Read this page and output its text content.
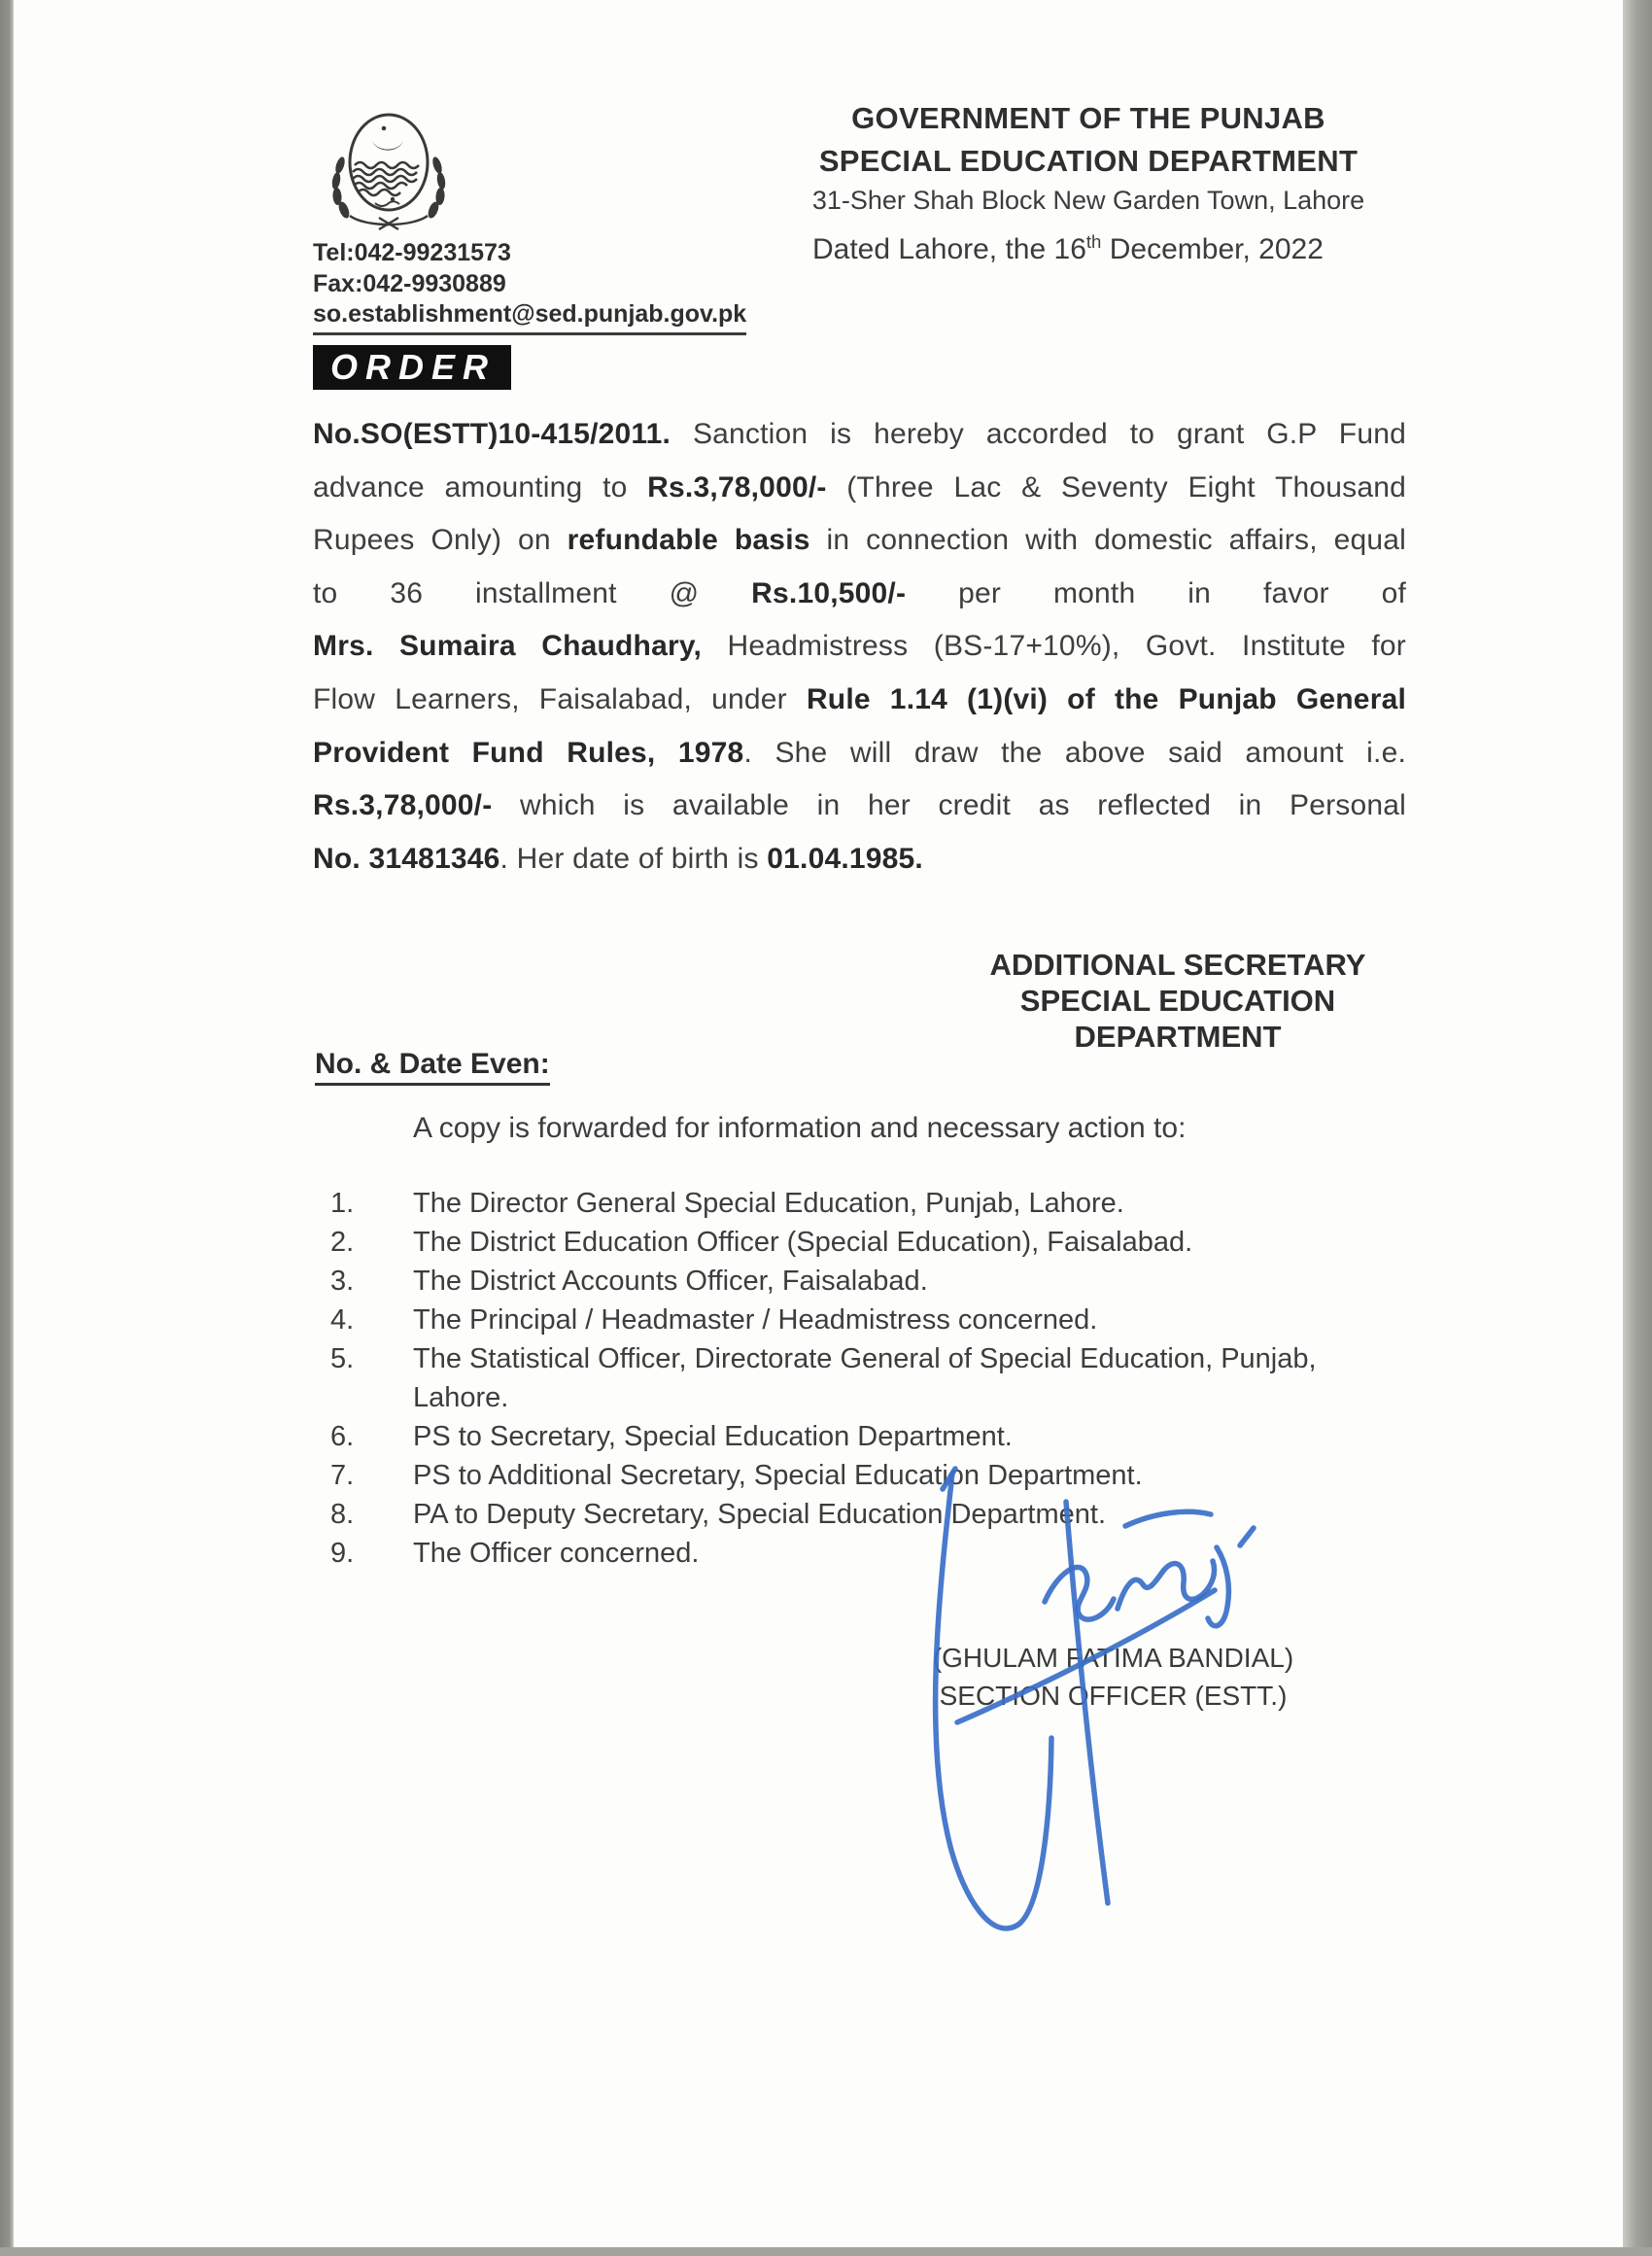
GOVERNMENT OF THE PUNJAB
SPECIAL EDUCATION DEPARTMENT
31-Sher Shah Block New Garden Town, Lahore
Dated Lahore, the 16th December, 2022
Tel:042-99231573
Fax:042-9930889
so.establishment@sed.punjab.gov.pk
ORDER
No.SO(ESTT)10-415/2011. Sanction is hereby accorded to grant G.P Fund
advance amounting to Rs.3,78,000/- (Three Lac & Seventy Eight Thousand
Rupees Only) on refundable basis in connection with domestic affairs, equal
to 36 installment @ Rs.10,500/- per month in favor of
Mrs. Sumaira Chaudhary, Headmistress (BS-17+10%), Govt. Institute for
Flow Learners, Faisalabad, under Rule 1.14 (1)(vi) of the Punjab General
Provident Fund Rules, 1978. She will draw the above said amount i.e.
Rs.3,78,000/- which is available in her credit as reflected in Personal
No. 31481346. Her date of birth is 01.04.1985.
ADDITIONAL SECRETARY
SPECIAL EDUCATION
DEPARTMENT
No. & Date Even:
A copy is forwarded for information and necessary action to:
1.	The Director General Special Education, Punjab, Lahore.
2.	The District Education Officer (Special Education), Faisalabad.
3.	The District Accounts Officer, Faisalabad.
4.	The Principal / Headmaster / Headmistress concerned.
5.	The Statistical Officer, Directorate General of Special Education, Punjab, Lahore.
6.	PS to Secretary, Special Education Department.
7.	PS to Additional Secretary, Special Education Department.
8.	PA to Deputy Secretary, Special Education Department.
9.	The Officer concerned.
(GHULAM FATIMA BANDIAL)
SECTION OFFICER (ESTT.)
